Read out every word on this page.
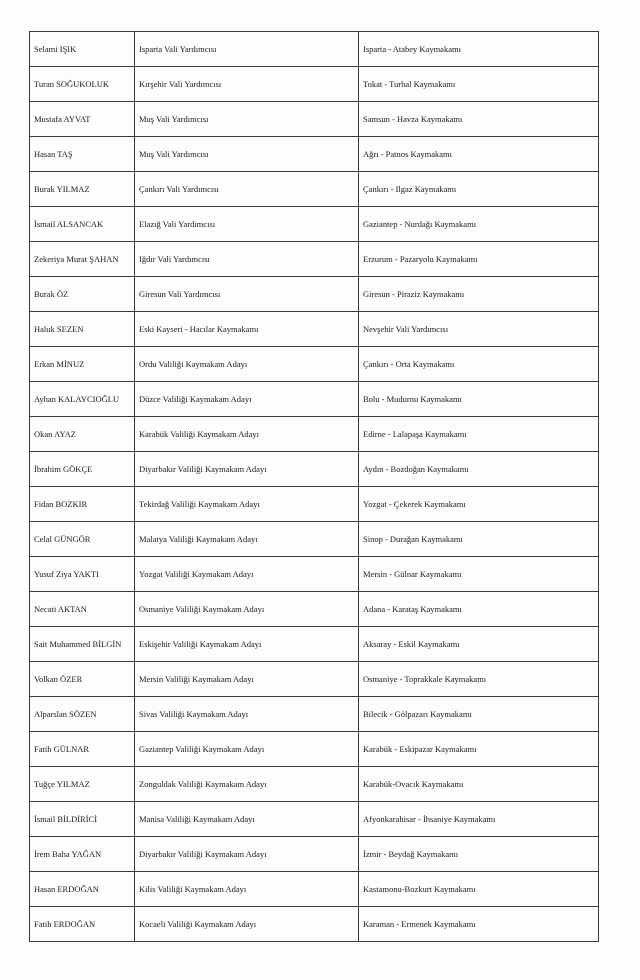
Selami IŞIK	Isparta Vali Yardımcısı	Isparta - Atabey Kaymakamı
Turan SOĞUKOLUK	Kırşehir Vali Yardımcısı	Tokat - Turhal Kaymakamı
Mustafa AYVAT	Muş Vali Yardımcısı	Samsun - Havza Kaymakamı
Hasan TAŞ	Muş Vali Yardımcısı	Ağrı - Patnos Kaymakamı
Burak YILMAZ	Çankırı Vali Yardımcısı	Çankırı - Ilgaz Kaymakamı
İsmail ALSANCAK	Elazığ Vali Yardımcısı	Gaziantep - Nurdağı Kaymakamı
Zekeriya Murat ŞAHAN	Iğdır Vali Yardımcısı	Erzurum - Pazaryolu Kaymakamı
Burak ÖZ	Giresun Vali Yardımcısı	Giresun - Piraziz Kaymakamı
Haluk SEZEN	Eski Kayseri - Hacılar Kaymakamı	Nevşehir Vali Yardımcısı
Erkan MİNUZ	Ordu Valiliği Kaymakam Adayı	Çankırı - Orta Kaymakamı
Ayhan KALAYCIOĞLU	Düzce Valiliği Kaymakam Adayı	Bolu - Mudurnu Kaymakamı
Okan AYAZ	Karabük Valiliği Kaymakam Adayı	Edirne - Lalapaşa Kaymakamı
İbrahim GÖKÇE	Diyarbakır Valiliği Kaymakam Adayı	Aydın - Bozdoğan Kaymakamı
Fidan BOZKIR	Tekirdağ Valiliği Kaymakam Adayı	Yozgat - Çekerek Kaymakamı
Celal GÜNGÖR	Malatya Valiliği Kaymakam Adayı	Sinop - Durağan Kaymakamı
Yusuf Ziya YAKTI	Yozgat Valiliği Kaymakam Adayı	Mersin - Gülnar Kaymakamı
Necati AKTAN	Osmaniye Valiliği Kaymakam Adayı	Adana - Karataş Kaymakamı
Sait Muhammed BİLGİN	Eskişehir Valiliği Kaymakam Adayı	Aksaray - Eskil Kaymakamı
Volkan ÖZER	Mersin Valiliği Kaymakam Adayı	Osmaniye - Toprakkale Kaymakamı
Alparslan SÖZEN	Sivas Valiliği Kaymakam Adayı	Bilecik - Gölpazarı Kaymakamı
Fatih GÜLNAR	Gaziantep Valiliği Kaymakam Adayı	Karabük - Eskipazar Kaymakamı
Tuğçe YILMAZ	Zonguldak Valiliği Kaymakam Adayı	Karabük-Ovacık Kaymakamı
İsmail BİLDİRİCİ	Manisa Valiliği Kaymakam Adayı	Afyonkarahisar - İhsaniye Kaymakamı
İrem Baha YAĞAN	Diyarbakır Valiliği Kaymakam Adayı	İzmir - Beydağ Kaymakamı
Hasan ERDOĞAN	Kilis Valiliği Kaymakam Adayı	Kastamonu-Bozkurt Kaymakamı
Fatih ERDOĞAN	Kocaeli Valiliği Kaymakam Adayı	Karaman - Ermenek Kaymakamı
